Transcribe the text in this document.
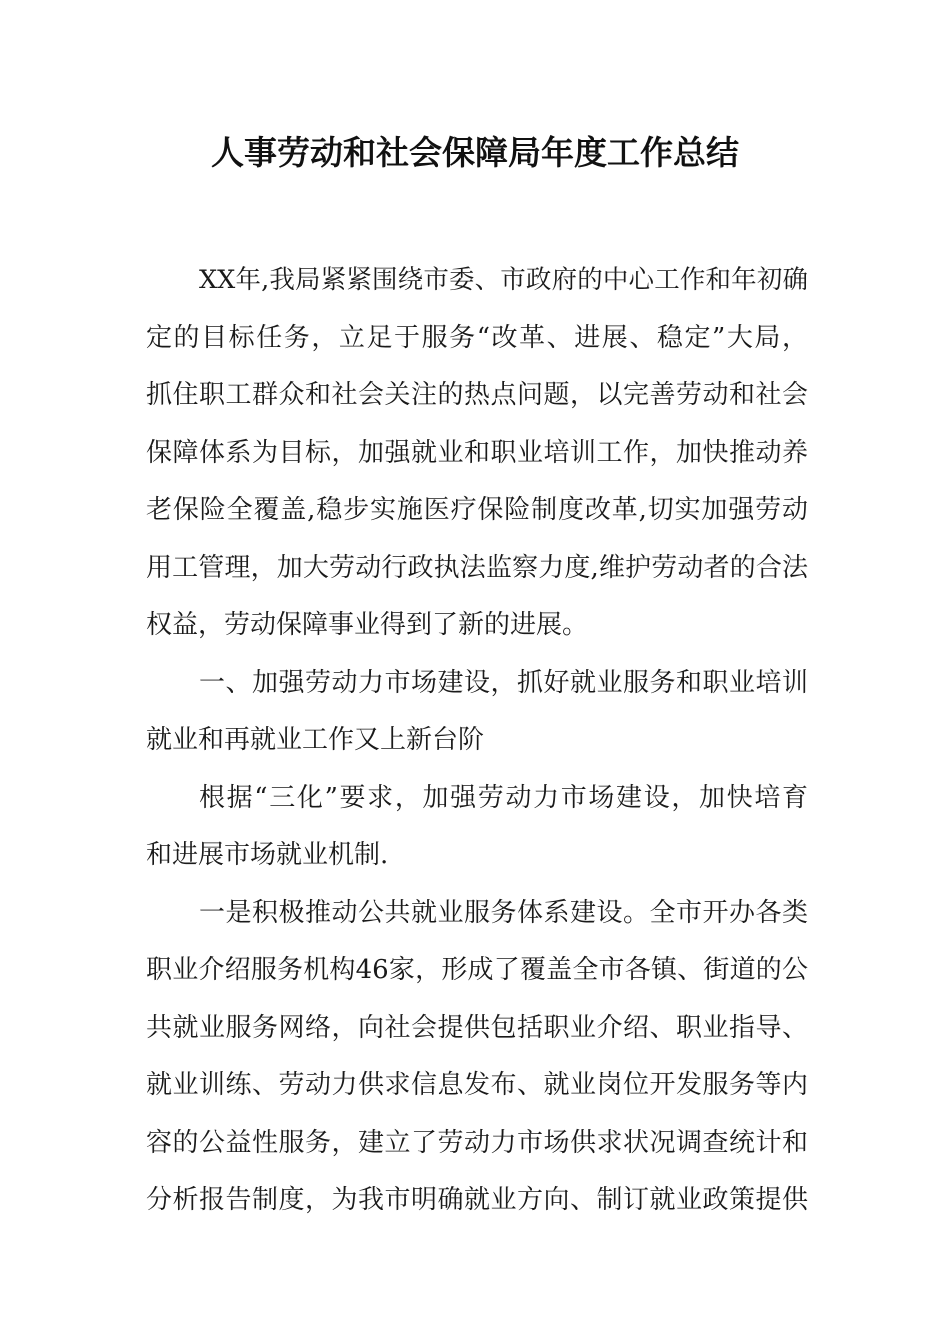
人事劳动和社会保障局年度工作总结
XX年,我局紧紧围绕市委、市政府的中心工作和年初确
定的目标任务，立足于服务“改革、进展、稳定”大局，
抓住职工群众和社会关注的热点问题，以完善劳动和社会
保障体系为目标，加强就业和职业培训工作，加快推动养
老保险全覆盖,稳步实施医疗保险制度改革,切实加强劳动
用工管理，加大劳动行政执法监察力度,维护劳动者的合法
权益，劳动保障事业得到了新的进展。
一、加强劳动力市场建设，抓好就业服务和职业培训
就业和再就业工作又上新台阶
根据“三化”要求，加强劳动力市场建设，加快培育
和进展市场就业机制.
一是积极推动公共就业服务体系建设。全市开办各类
职业介绍服务机构46家，形成了覆盖全市各镇、街道的公
共就业服务网络，向社会提供包括职业介绍、职业指导、
就业训练、劳动力供求信息发布、就业岗位开发服务等内
容的公益性服务，建立了劳动力市场供求状况调查统计和
分析报告制度，为我市明确就业方向、制订就业政策提供
